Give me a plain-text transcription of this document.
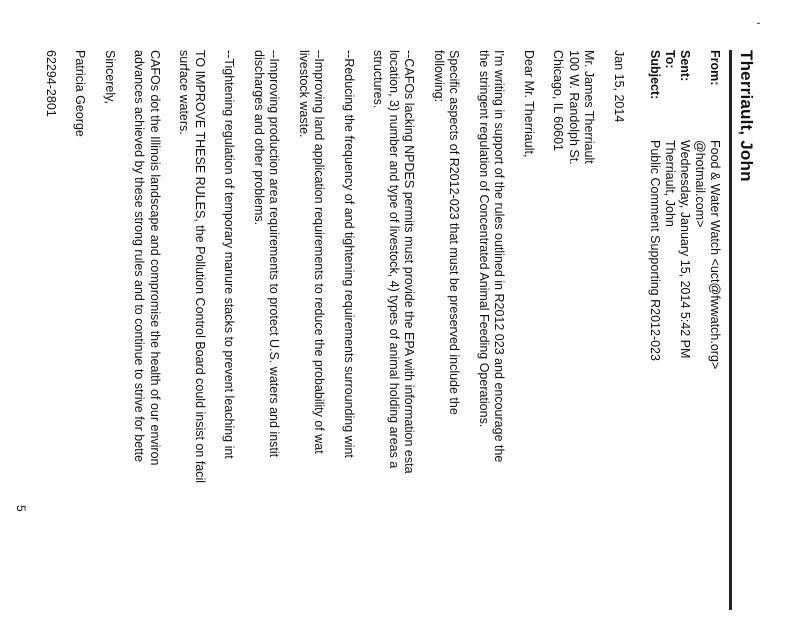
ʼ
Therriault, John
From:
Food & Water Watch <uct@fwwatch.org>
@hotmail.com>
Sent:
Wednesday, January 15, 2014 5:42 PM
To:
Therriault, John
Subject:
Public Comment Supporting R2012-023

Jan 15, 2014

Mr. James Therriault

100 W. Randolph St.

Chicago, IL 60601

Dear Mr. Therriault,

I'm writing in support of the rules outlined in R2012 023 and encourage the
the stringent regulation of Concentrated Animal Feeding Operations.

Specific aspects of R2012-023 that must be preserved include the
following:

--CAFOs lacking NPDES permits must provide the EPA with information esta
location, 3) number and type of livestock, 4) types of animal holding areas a
structures.

--Reducing the frequency of and tightening requirements surrounding wint

--Improving land application requirements to reduce the probability of wat
livestock waste.

--Improving production area requirements to protect U.S. waters and instit
discharges and other problems.

--Tightening regulation of temporary manure stacks to prevent leaching int

TO IMPROVE THESE RULES, the Pollution Control Board could insist on facil
surface waters.

CAFOs dot the Illinois landscape and compromise the health of our environ
advances achieved by these strong rules and to continue to strive for bette

Sincerely,

Patricia George

62294-2801

5
